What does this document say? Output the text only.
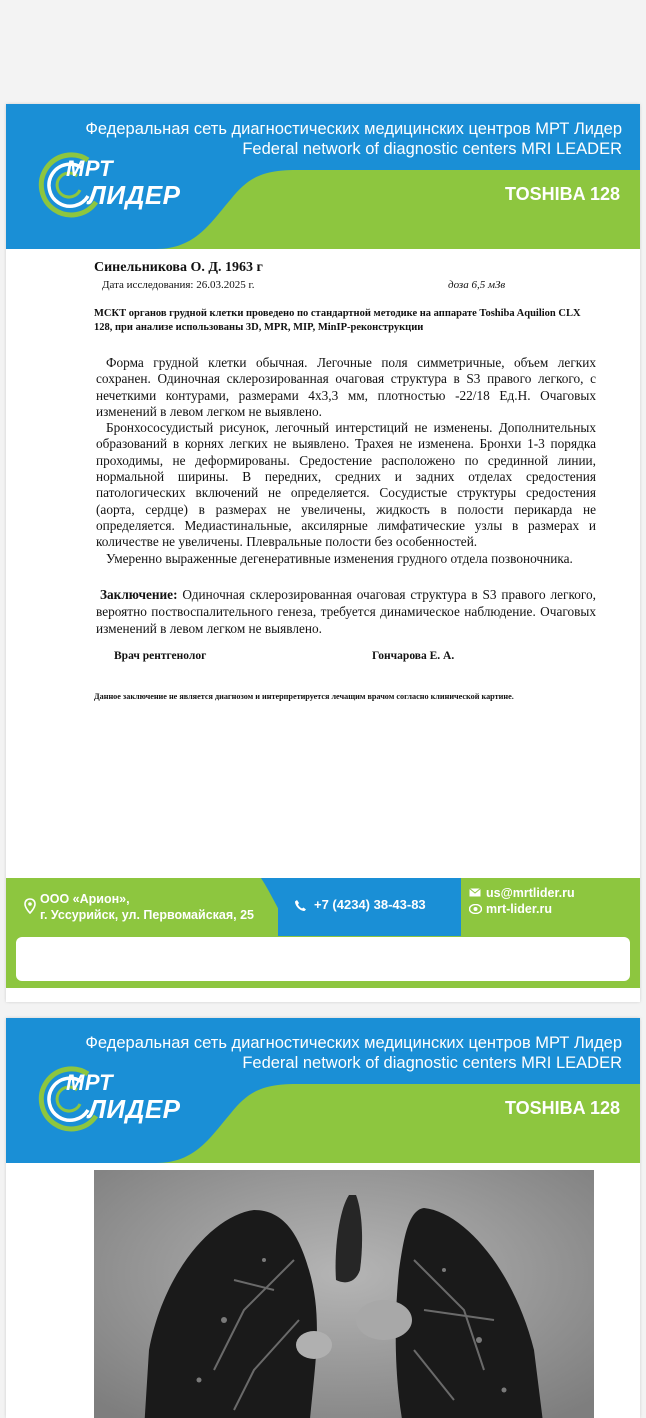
Федеральная сеть диагностических медицинских центров МРТ Лидер
Federal network of diagnostic centers MRI LEADER
МРТ
ЛИДЕР	TOSHIBA 128
Синельникова О. Д. 1963 г
Дата исследования: 26.03.2025 г.	доза 6,5 мЗв
МСКТ органов грудной клетки проведено по стандартной методике на аппарате Toshiba Aquilion CLX 128, при анализе использованы 3D, MPR, MIP, MinIP-реконструкции

Форма грудной клетки обычная. Легочные поля симметричные, объем легких сохранен. Одиночная склерозированная очаговая структура в S3 правого легкого, с нечеткими контурами, размерами 4x3,3 мм, плотностью -22/18 Ед.Н. Очаговых изменений в левом легком не выявлено.

Бронхососудистый рисунок, легочный интерстиций не изменены. Дополнительных образований в корнях легких не выявлено. Трахея не изменена. Бронхи 1-3 порядка проходимы, не деформированы. Средостение расположено по срединной линии, нормальной ширины. В передних, средних и задних отделах средостения патологических включений не определяется. Сосудистые структуры средостения (аорта, сердце) в размерах не увеличены, жидкость в полости перикарда не определяется. Медиастинальные, аксилярные лимфатические узлы в размерах и количестве не увеличены. Плевральные полости без особенностей.

Умеренно выраженные дегенеративные изменения грудного отдела позвоночника.

Заключение: Одиночная склерозированная очаговая структура в S3 правого легкого, вероятно поствоспалительного генеза, требуется динамическое наблюдение. Очаговых изменений в левом легком не выявлено.
Врач рентгенолог	Гончарова Е. А.
Данное заключение не является диагнозом и интерпретируется лечащим врачом согласно клинической картине.
ООО «Арион»,
г. Уссурийск, ул. Первомайская, 25
+7 (4234) 38-43-83
us@mrtlider.ru
mrt-lider.ru
Федеральная сеть диагностических медицинских центров МРТ Лидер
Federal network of diagnostic centers MRI LEADER
МРТ
ЛИДЕР	TOSHIBA 128
